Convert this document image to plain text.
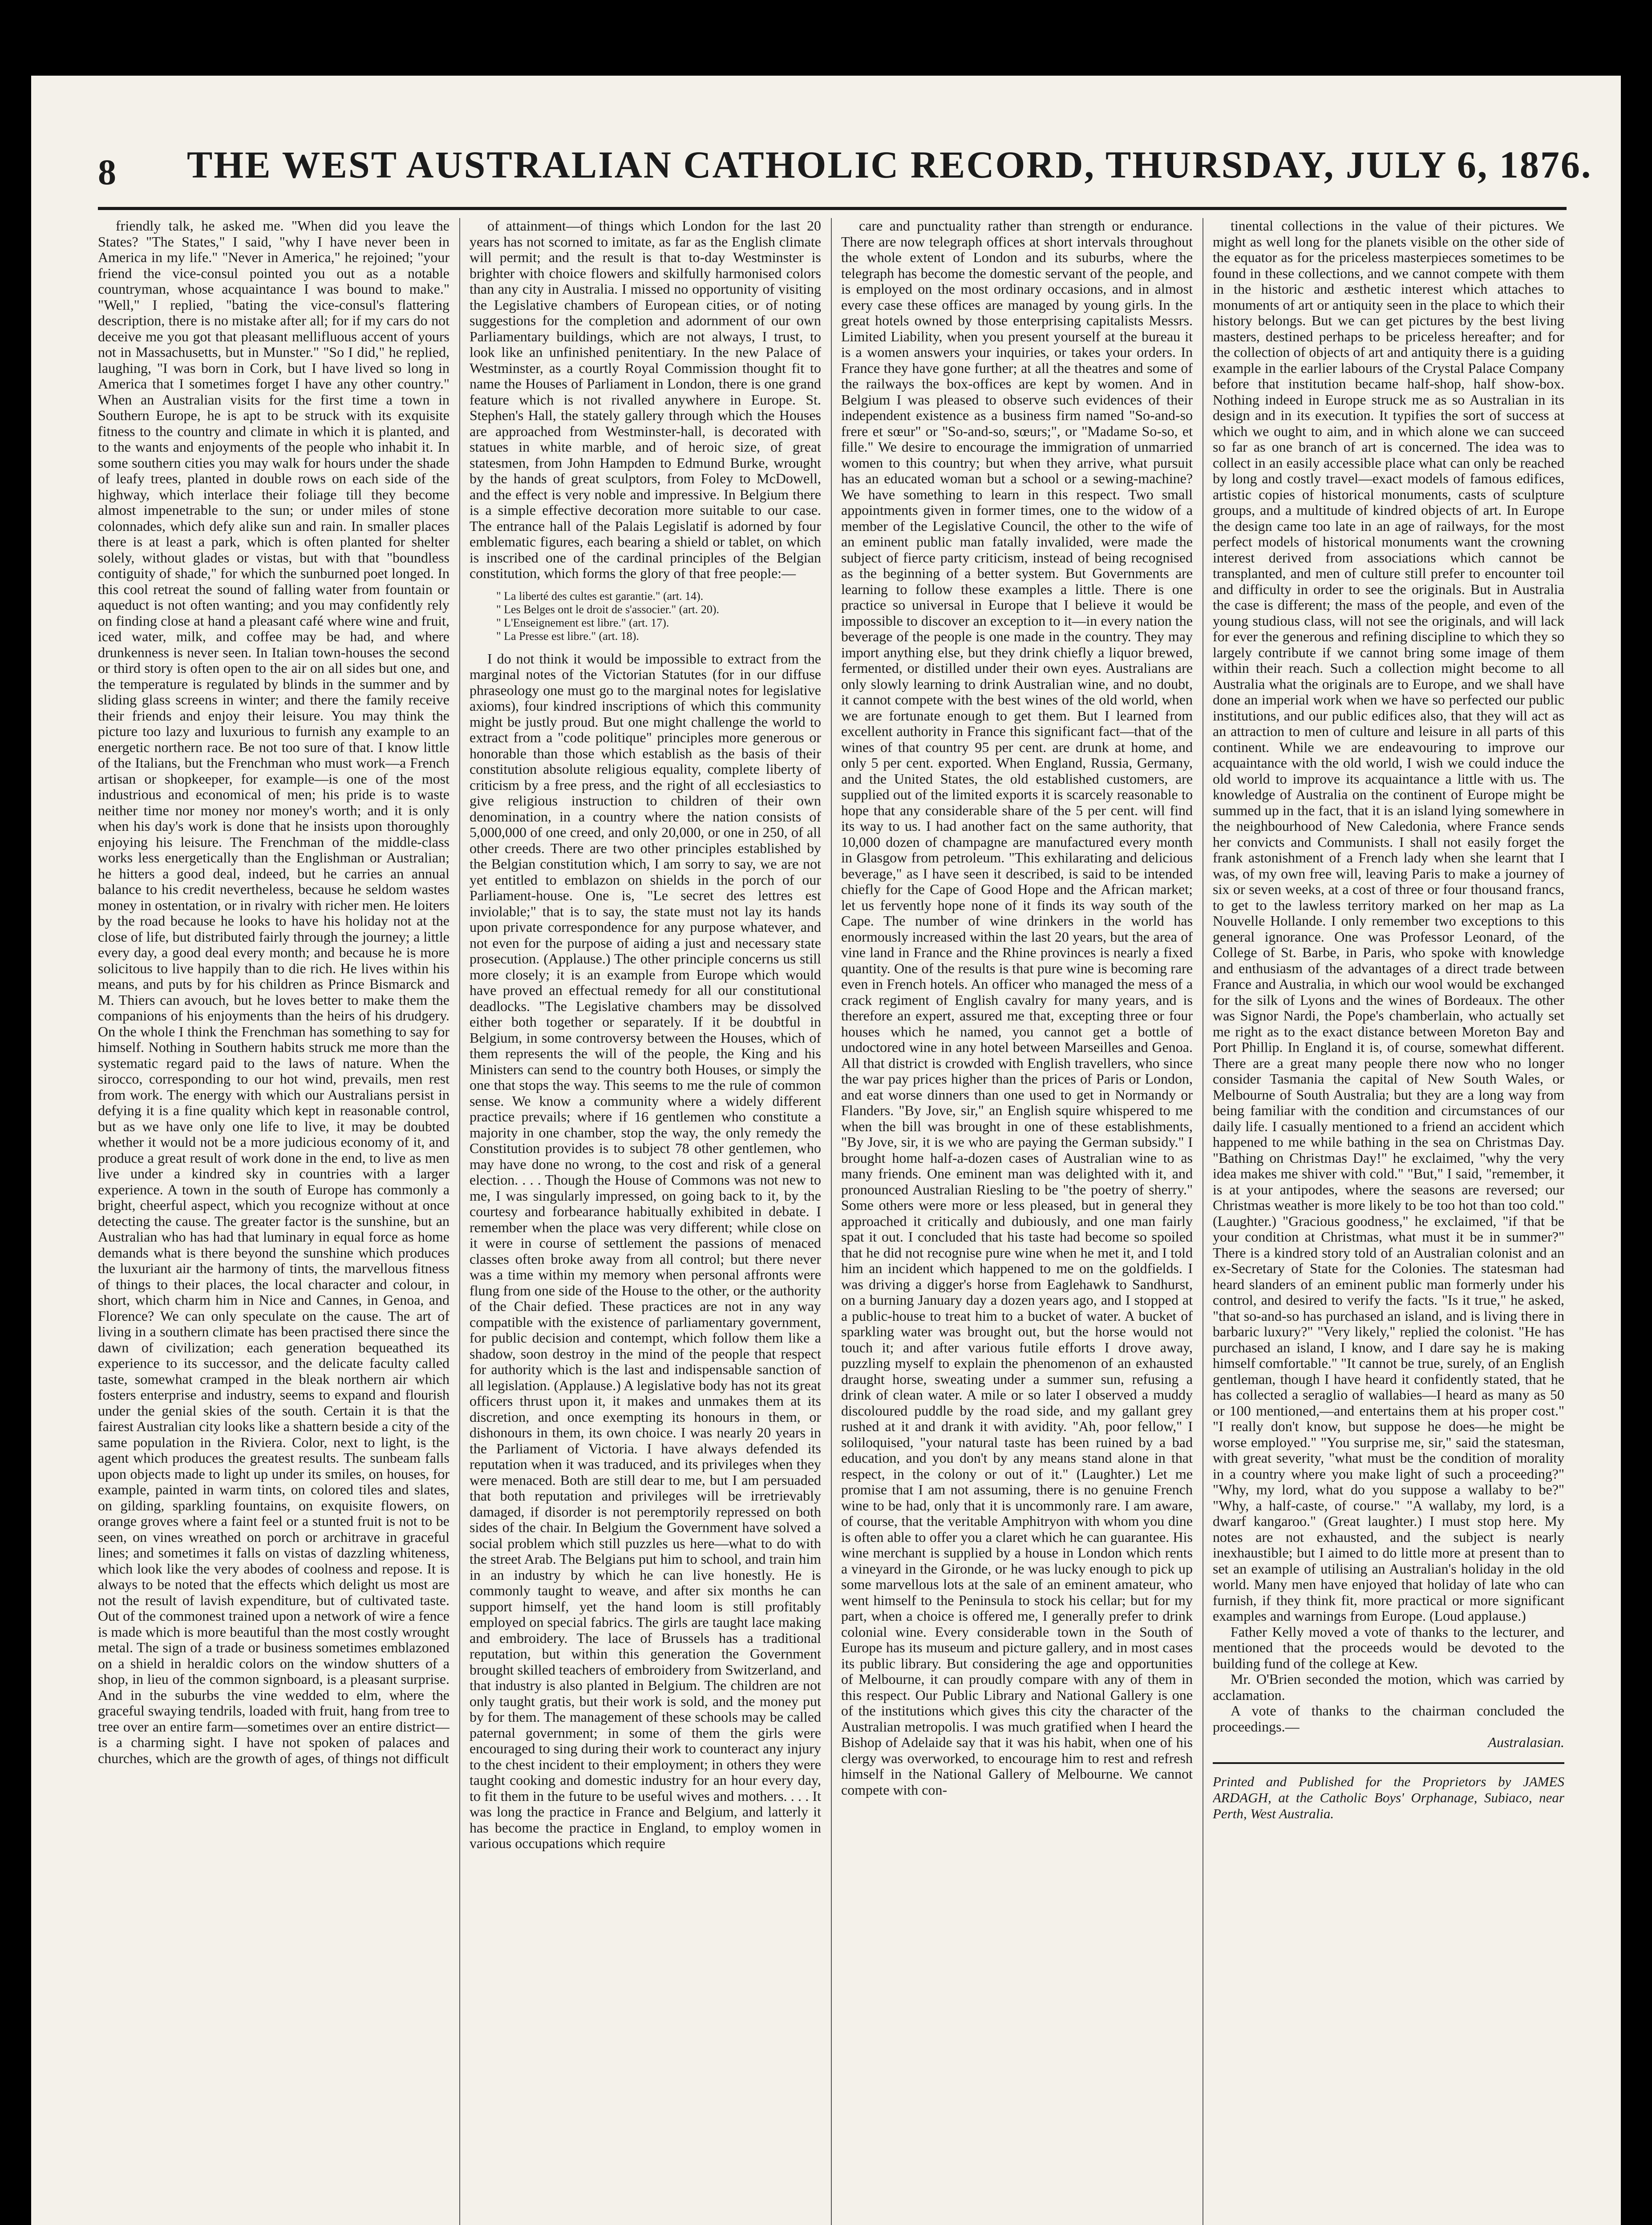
8 THE WEST AUSTRALIAN CATHOLIC RECORD, THURSDAY, JULY 6, 1876.

friendly talk, he asked me. "When did you leave the States? "The States," I said, "why I have never been in America in my life." "Never in America," he rejoined; "your friend the vice-consul pointed you out as a notable countryman, whose acquaintance I was bound to make." "Well," I replied, "bating the vice-consul's flattering description, there is no mistake after all; for if my cars do not deceive me you got that pleasant mellifluous accent of yours not in Massachusetts, but in Munster." "So I did," he replied, laughing, "I was born in Cork, but I have lived so long in America that I sometimes forget I have any other country." When an Australian visits for the first time a town in Southern Europe, he is apt to be struck with its exquisite fitness to the country and climate in which it is planted, and to the wants and enjoyments of the people who inhabit it. In some southern cities you may walk for hours under the shade of leafy trees, planted in double rows on each side of the highway, which interlace their foliage till they become almost impenetrable to the sun; or under miles of stone colonnades, which defy alike sun and rain. In smaller places there is at least a park, which is often planted for shelter solely, without glades or vistas, but with that "boundless contiguity of shade," for which the sunburned poet longed. In this cool retreat the sound of falling water from fountain or aqueduct is not often wanting; and you may confidently rely on finding close at hand a pleasant café where wine and fruit, iced water, milk, and coffee may be had, and where drunkenness is never seen. In Italian town-houses the second or third story is often open to the air on all sides but one, and the temperature is regulated by blinds in the summer and by sliding glass screens in winter; and there the family receive their friends and enjoy their leisure. You may think the picture too lazy and luxurious to furnish any example to an energetic northern race. Be not too sure of that. I know little of the Italians, but the Frenchman who must work—a French artisan or shopkeeper, for example—is one of the most industrious and economical of men; his pride is to waste neither time nor money nor money's worth; and it is only when his day's work is done that he insists upon thoroughly enjoying his leisure. The Frenchman of the middle-class works less energetically than the Englishman or Australian; he hitters a good deal, indeed, but he carries an annual balance to his credit nevertheless, because he seldom wastes money in ostentation, or in rivalry with richer men. He loiters by the road because he looks to have his holiday not at the close of life, but distributed fairly through the journey; a little every day, a good deal every month; and because he is more solicitous to live happily than to die rich. He lives within his means, and puts by for his children as Prince Bismarck and M. Thiers can avouch, but he loves better to make them the companions of his enjoyments than the heirs of his drudgery. On the whole I think the Frenchman has something to say for himself. Nothing in Southern habits struck me more than the systematic regard paid to the laws of nature. When the sirocco, corresponding to our hot wind, prevails, men rest from work. The energy with which our Australians persist in defying it is a fine quality which kept in reasonable control, but as we have only one life to live, it may be doubted whether it would not be a more judicious economy of it, and produce a great result of work done in the end, to live as men live under a kindred sky in countries with a larger experience. A town in the south of Europe has commonly a bright, cheerful aspect, which you recognize without at once detecting the cause. The greater factor is the sunshine, but an Australian who has had that luminary in equal force as home demands what is there beyond the sunshine which produces the luxuriant air the harmony of tints, the marvellous fitness of things to their places, the local character and colour, in short, which charm him in Nice and Cannes, in Genoa, and Florence? We can only speculate on the cause. The art of living in a southern climate has been practised there since the dawn of civilization; each generation bequeathed its experience to its successor, and the delicate faculty called taste, somewhat cramped in the bleak northern air which fosters enterprise and industry, seems to expand and flourish under the genial skies of the south. Certain it is that the fairest Australian city looks like a shattern beside a city of the same population in the Riviera. Color, next to light, is the agent which produces the greatest results. The sunbeam falls upon objects made to light up under its smiles, on houses, for example, painted in warm tints, on colored tiles and slates, on gilding, sparkling fountains, on exquisite flowers, on orange groves where a faint feel or a stunted fruit is not to be seen, on vines wreathed on porch or architrave in graceful lines; and sometimes it falls on vistas of dazzling whiteness, which look like the very abodes of coolness and repose. It is always to be noted that the effects which delight us most are not the result of lavish expenditure, but of cultivated taste. Out of the commonest trained upon a network of wire a fence is made which is more beautiful than the most costly wrought metal. The sign of a trade or business sometimes emblazoned on a shield in heraldic colors on the window shutters of a shop, in lieu of the common signboard, is a pleasant surprise. And in the suburbs the vine wedded to elm, where the graceful swaying tendrils, loaded with fruit, hang from tree to tree over an entire farm—sometimes over an entire district—is a charming sight. I have not spoken of palaces and churches, which are the growth of ages, of things not difficult

of attainment—of things which London for the last 20 years has not scorned to imitate, as far as the English climate will permit; and the result is that to-day Westminster is brighter with choice flowers and skilfully harmonised colors than any city in Australia. I missed no opportunity of visiting the Legislative chambers of European cities, or of noting suggestions for the completion and adornment of our own Parliamentary buildings, which are not always, I trust, to look like an unfinished penitentiary. In the new Palace of Westminster, as a courtly Royal Commission thought fit to name the Houses of Parliament in London, there is one grand feature which is not rivalled anywhere in Europe. St. Stephen's Hall, the stately gallery through which the Houses are approached from Westminster-hall, is decorated with statues in white marble, and of heroic size, of great statesmen, from John Hampden to Edmund Burke, wrought by the hands of great sculptors, from Foley to McDowell, and the effect is very noble and impressive. In Belgium there is a simple effective decoration more suitable to our case. The entrance hall of the Palais Legislatif is adorned by four emblematic figures, each bearing a shield or tablet, on which is inscribed one of the cardinal principles of the Belgian constitution, which forms the glory of that free people:—

" La liberté des cultes est garantie." (art. 14).
" Les Belges ont le droit de s'associer." (art. 20).
" L'Enseignement est libre." (art. 17).
" La Presse est libre." (art. 18).

I do not think it would be impossible to extract from the marginal notes of the Victorian Statutes (for in our diffuse phraseology one must go to the marginal notes for legislative axioms), four kindred inscriptions of which this community might be justly proud. But one might challenge the world to extract from a "code politique" principles more generous or honorable than those which establish as the basis of their constitution absolute religious equality, complete liberty of criticism by a free press, and the right of all ecclesiastics to give religious instruction to children of their own denomination, in a country where the nation consists of 5,000,000 of one creed, and only 20,000, or one in 250, of all other creeds. There are two other principles established by the Belgian constitution which, I am sorry to say, we are not yet entitled to emblazon on shields in the porch of our Parliament-house. One is, "Le secret des lettres est inviolable;" that is to say, the state must not lay its hands upon private correspondence for any purpose whatever, and not even for the purpose of aiding a just and necessary state prosecution. (Applause.) The other principle concerns us still more closely; it is an example from Europe which would have proved an effectual remedy for all our constitutional deadlocks. "The Legislative chambers may be dissolved either both together or separately. If it be doubtful in Belgium, in some controversy between the Houses, which of them represents the will of the people, the King and his Ministers can send to the country both Houses, or simply the one that stops the way. This seems to me the rule of common sense. We know a community where a widely different practice prevails; where if 16 gentlemen who constitute a majority in one chamber, stop the way, the only remedy the Constitution provides is to subject 78 other gentlemen, who may have done no wrong, to the cost and risk of a general election. . . . Though the House of Commons was not new to me, I was singularly impressed, on going back to it, by the courtesy and forbearance habitually exhibited in debate. I remember when the place was very different; while close on it were in course of settlement the passions of menaced classes often broke away from all control; but there never was a time within my memory when personal affronts were flung from one side of the House to the other, or the authority of the Chair defied. These practices are not in any way compatible with the existence of parliamentary government, for public decision and contempt, which follow them like a shadow, soon destroy in the mind of the people that respect for authority which is the last and indispensable sanction of all legislation. (Applause.) A legislative body has not its great officers thrust upon it, it makes and unmakes them at its discretion, and once exempting its honours in them, or dishonours in them, its own choice. I was nearly 20 years in the Parliament of Victoria. I have always defended its reputation when it was traduced, and its privileges when they were menaced. Both are still dear to me, but I am persuaded that both reputation and privileges will be irretrievably damaged, if disorder is not peremptorily repressed on both sides of the chair. In Belgium the Government have solved a social problem which still puzzles us here—what to do with the street Arab. The Belgians put him to school, and train him in an industry by which he can live honestly. He is commonly taught to weave, and after six months he can support himself, yet the hand loom is still profitably employed on special fabrics. The girls are taught lace making and embroidery. The lace of Brussels has a traditional reputation, but within this generation the Government brought skilled teachers of embroidery from Switzerland, and that industry is also planted in Belgium. The children are not only taught gratis, but their work is sold, and the money put by for them. The management of these schools may be called paternal government; in some of them the girls were encouraged to sing during their work to counteract any injury to the chest incident to their employment; in others they were taught cooking and domestic industry for an hour every day, to fit them in the future to be useful wives and mothers. . . . It was long the practice in France and Belgium, and latterly it has become the practice in England, to employ women in various occupations which require

care and punctuality rather than strength or endurance. There are now telegraph offices at short intervals throughout the whole extent of London and its suburbs, where the telegraph has become the domestic servant of the people, and is employed on the most ordinary occasions, and in almost every case these offices are managed by young girls. In the great hotels owned by those enterprising capitalists Messrs. Limited Liability, when you present yourself at the bureau it is a women answers your inquiries, or takes your orders. In France they have gone further; at all the theatres and some of the railways the box-offices are kept by women. And in Belgium I was pleased to observe such evidences of their independent existence as a business firm named "So-and-so frere et sœur" or "So-and-so, sœurs;", or "Madame So-so, et fille." We desire to encourage the immigration of unmarried women to this country; but when they arrive, what pursuit has an educated woman but a school or a sewing-machine? We have something to learn in this respect. Two small appointments given in former times, one to the widow of a member of the Legislative Council, the other to the wife of an eminent public man fatally invalided, were made the subject of fierce party criticism, instead of being recognised as the beginning of a better system. But Governments are learning to follow these examples a little. There is one practice so universal in Europe that I believe it would be impossible to discover an exception to it—in every nation the beverage of the people is one made in the country. They may import anything else, but they drink chiefly a liquor brewed, fermented, or distilled under their own eyes. Australians are only slowly learning to drink Australian wine, and no doubt, it cannot compete with the best wines of the old world, when we are fortunate enough to get them. But I learned from excellent authority in France this significant fact—that of the wines of that country 95 per cent. are drunk at home, and only 5 per cent. exported. When England, Russia, Germany, and the United States, the old established customers, are supplied out of the limited exports it is scarcely reasonable to hope that any considerable share of the 5 per cent. will find its way to us. I had another fact on the same authority, that 10,000 dozen of champagne are manufactured every month in Glasgow from petroleum. "This exhilarating and delicious beverage," as I have seen it described, is said to be intended chiefly for the Cape of Good Hope and the African market; let us fervently hope none of it finds its way south of the Cape. The number of wine drinkers in the world has enormously increased within the last 20 years, but the area of vine land in France and the Rhine provinces is nearly a fixed quantity. One of the results is that pure wine is becoming rare even in French hotels. An officer who managed the mess of a crack regiment of English cavalry for many years, and is therefore an expert, assured me that, excepting three or four houses which he named, you cannot get a bottle of undoctored wine in any hotel between Marseilles and Genoa. All that district is crowded with English travellers, who since the war pay prices higher than the prices of Paris or London, and eat worse dinners than one used to get in Normandy or Flanders. "By Jove, sir," an English squire whispered to me when the bill was brought in one of these establishments, "By Jove, sir, it is we who are paying the German subsidy." I brought home half-a-dozen cases of Australian wine to as many friends. One eminent man was delighted with it, and pronounced Australian Riesling to be "the poetry of sherry." Some others were more or less pleased, but in general they approached it critically and dubiously, and one man fairly spat it out. I concluded that his taste had become so spoiled that he did not recognise pure wine when he met it, and I told him an incident which happened to me on the goldfields. I was driving a digger's horse from Eaglehawk to Sandhurst, on a burning January day a dozen years ago, and I stopped at a public-house to treat him to a bucket of water. A bucket of sparkling water was brought out, but the horse would not touch it; and after various futile efforts I drove away, puzzling myself to explain the phenomenon of an exhausted draught horse, sweating under a summer sun, refusing a drink of clean water. A mile or so later I observed a muddy discoloured puddle by the road side, and my gallant grey rushed at it and drank it with avidity. "Ah, poor fellow," I soliloquised, "your natural taste has been ruined by a bad education, and you don't by any means stand alone in that respect, in the colony or out of it." (Laughter.) Let me promise that I am not assuming, there is no genuine French wine to be had, only that it is uncommonly rare. I am aware, of course, that the veritable Amphitryon with whom you dine is often able to offer you a claret which he can guarantee. His wine merchant is supplied by a house in London which rents a vineyard in the Gironde, or he was lucky enough to pick up some marvellous lots at the sale of an eminent amateur, who went himself to the Peninsula to stock his cellar; but for my part, when a choice is offered me, I generally prefer to drink colonial wine. Every considerable town in the South of Europe has its museum and picture gallery, and in most cases its public library. But considering the age and opportunities of Melbourne, it can proudly compare with any of them in this respect. Our Public Library and National Gallery is one of the institutions which gives this city the character of the Australian metropolis. I was much gratified when I heard the Bishop of Adelaide say that it was his habit, when one of his clergy was overworked, to encourage him to rest and refresh himself in the National Gallery of Melbourne. We cannot compete with con-

tinental collections in the value of their pictures. We might as well long for the planets visible on the other side of the equator as for the priceless masterpieces sometimes to be found in these collections, and we cannot compete with them in the historic and æsthetic interest which attaches to monuments of art or antiquity seen in the place to which their history belongs. But we can get pictures by the best living masters, destined perhaps to be priceless hereafter; and for the collection of objects of art and antiquity there is a guiding example in the earlier labours of the Crystal Palace Company before that institution became half-shop, half show-box. Nothing indeed in Europe struck me as so Australian in its design and in its execution. It typifies the sort of success at which we ought to aim, and in which alone we can succeed so far as one branch of art is concerned. The idea was to collect in an easily accessible place what can only be reached by long and costly travel—exact models of famous edifices, artistic copies of historical monuments, casts of sculpture groups, and a multitude of kindred objects of art. In Europe the design came too late in an age of railways, for the most perfect models of historical monuments want the crowning interest derived from associations which cannot be transplanted, and men of culture still prefer to encounter toil and difficulty in order to see the originals. But in Australia the case is different; the mass of the people, and even of the young studious class, will not see the originals, and will lack for ever the generous and refining discipline to which they so largely contribute if we cannot bring some image of them within their reach. Such a collection might become to all Australia what the originals are to Europe, and we shall have done an imperial work when we have so perfected our public institutions, and our public edifices also, that they will act as an attraction to men of culture and leisure in all parts of this continent. While we are endeavouring to improve our acquaintance with the old world, I wish we could induce the old world to improve its acquaintance a little with us. The knowledge of Australia on the continent of Europe might be summed up in the fact, that it is an island lying somewhere in the neighbourhood of New Caledonia, where France sends her convicts and Communists. I shall not easily forget the frank astonishment of a French lady when she learnt that I was, of my own free will, leaving Paris to make a journey of six or seven weeks, at a cost of three or four thousand francs, to get to the lawless territory marked on her map as La Nouvelle Hollande. I only remember two exceptions to this general ignorance. One was Professor Leonard, of the College of St. Barbe, in Paris, who spoke with knowledge and enthusiasm of the advantages of a direct trade between France and Australia, in which our wool would be exchanged for the silk of Lyons and the wines of Bordeaux. The other was Signor Nardi, the Pope's chamberlain, who actually set me right as to the exact distance between Moreton Bay and Port Phillip. In England it is, of course, somewhat different. There are a great many people there now who no longer consider Tasmania the capital of New South Wales, or Melbourne of South Australia; but they are a long way from being familiar with the condition and circumstances of our daily life. I casually mentioned to a friend an accident which happened to me while bathing in the sea on Christmas Day. "Bathing on Christmas Day!" he exclaimed, "why the very idea makes me shiver with cold." "But," I said, "remember, it is at your antipodes, where the seasons are reversed; our Christmas weather is more likely to be too hot than too cold." (Laughter.) "Gracious goodness," he exclaimed, "if that be your condition at Christmas, what must it be in summer?" There is a kindred story told of an Australian colonist and an ex-Secretary of State for the Colonies. The statesman had heard slanders of an eminent public man formerly under his control, and desired to verify the facts. "Is it true," he asked, "that so-and-so has purchased an island, and is living there in barbaric luxury?" "Very likely," replied the colonist. "He has purchased an island, I know, and I dare say he is making himself comfortable." "It cannot be true, surely, of an English gentleman, though I have heard it confidently stated, that he has collected a seraglio of wallabies—I heard as many as 50 or 100 mentioned,—and entertains them at his proper cost." "I really don't know, but suppose he does—he might be worse employed." "You surprise me, sir," said the statesman, with great severity, "what must be the condition of morality in a country where you make light of such a proceeding?" "Why, my lord, what do you suppose a wallaby to be?" "Why, a half-caste, of course." "A wallaby, my lord, is a dwarf kangaroo." (Great laughter.) I must stop here. My notes are not exhausted, and the subject is nearly inexhaustible; but I aimed to do little more at present than to set an example of utilising an Australian's holiday in the old world. Many men have enjoyed that holiday of late who can furnish, if they think fit, more practical or more significant examples and warnings from Europe. (Loud applause.)

Father Kelly moved a vote of thanks to the lecturer, and mentioned that the proceeds would be devoted to the building fund of the college at Kew.

Mr. O'Brien seconded the motion, which was carried by acclamation.

A vote of thanks to the chairman concluded the proceedings.—

Australasian.
Printed and Published for the Proprietors by JAMES ARDAGH, at the Catholic Boys' Orphanage, Subiaco, near Perth, West Australia.
